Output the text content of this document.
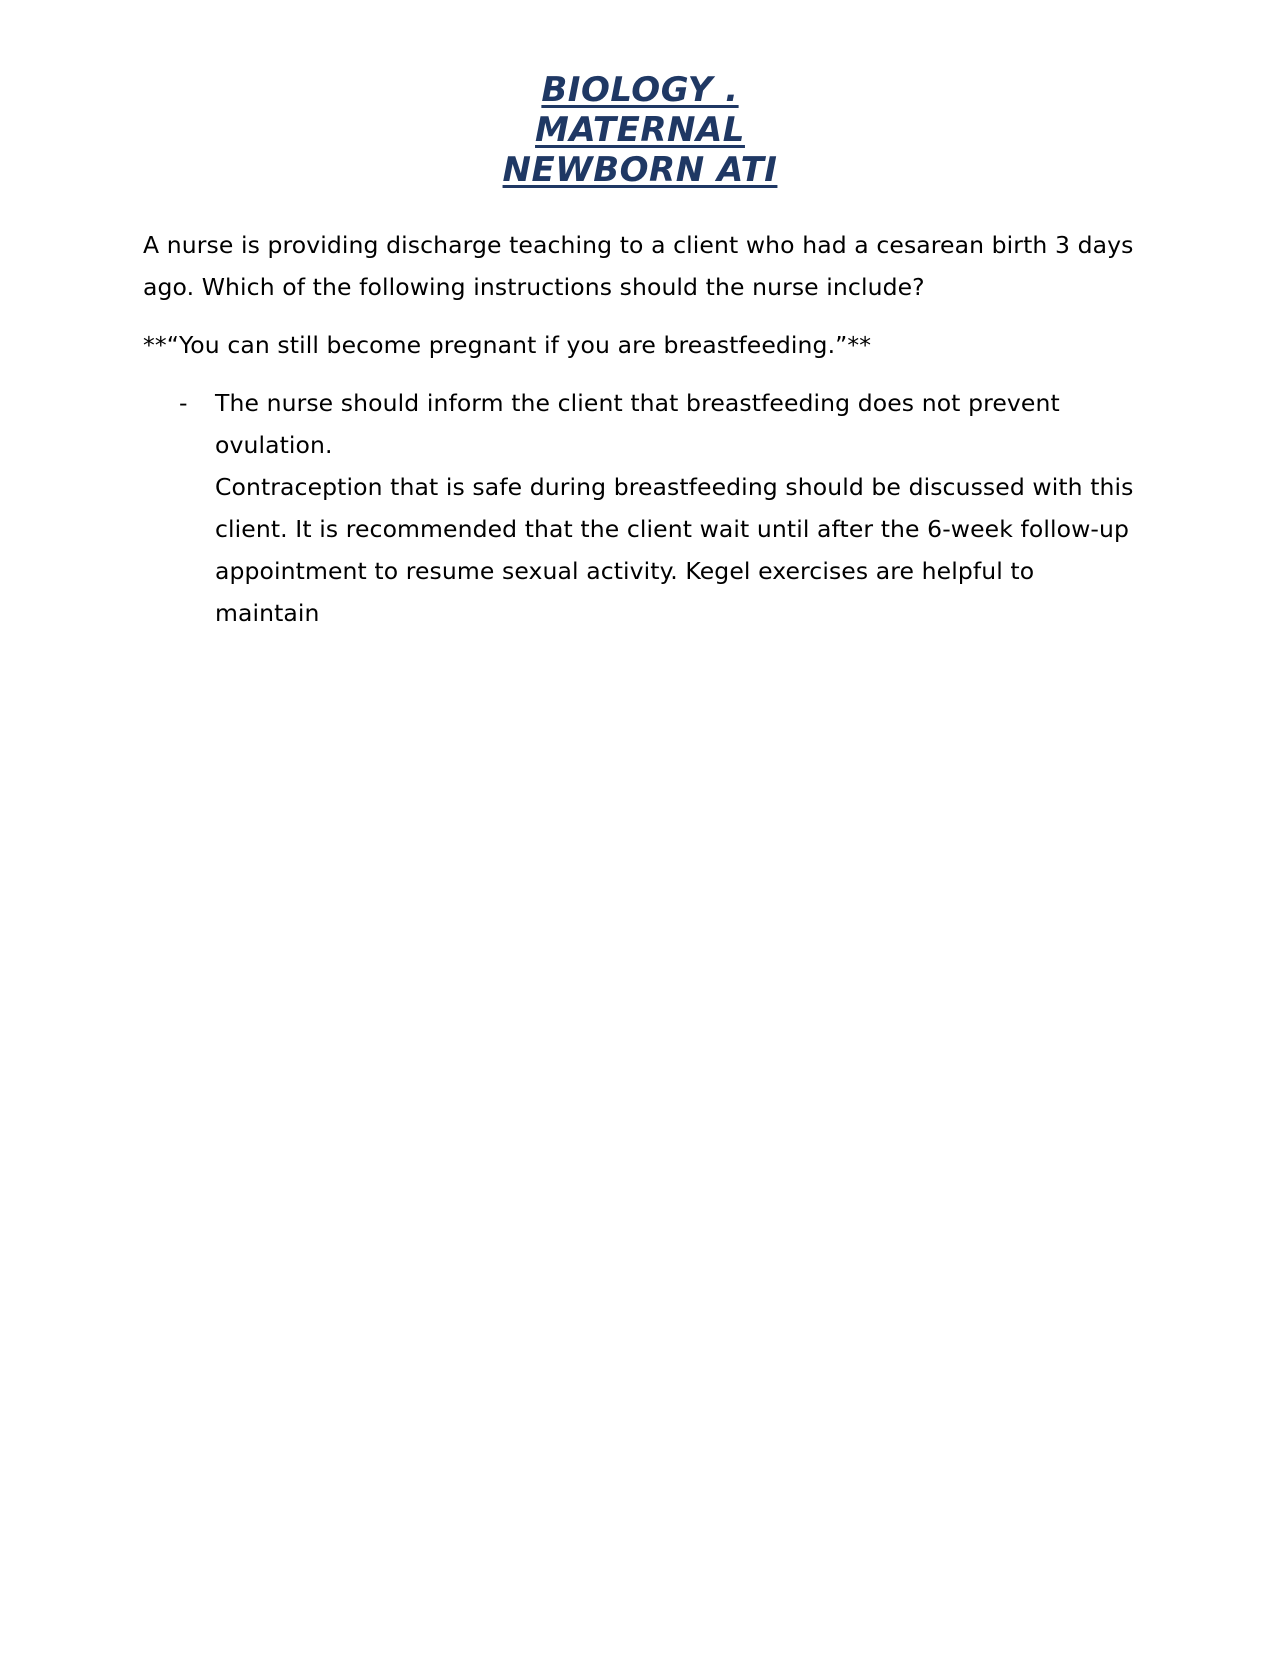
BIOLOGY .
MATERNAL
NEWBORN ATI

A nurse is providing discharge teaching to a client who had a cesarean birth 3 days ago. Which of the following instructions should the nurse include?

**“You can still become pregnant if you are breastfeeding.”**

- The nurse should inform the client that breastfeeding does not prevent ovulation.

Contraception that is safe during breastfeeding should be discussed with this client. It is recommended that the client wait until after the 6-week follow-up appointment to resume sexual activity. Kegel exercises are helpful to maintain
